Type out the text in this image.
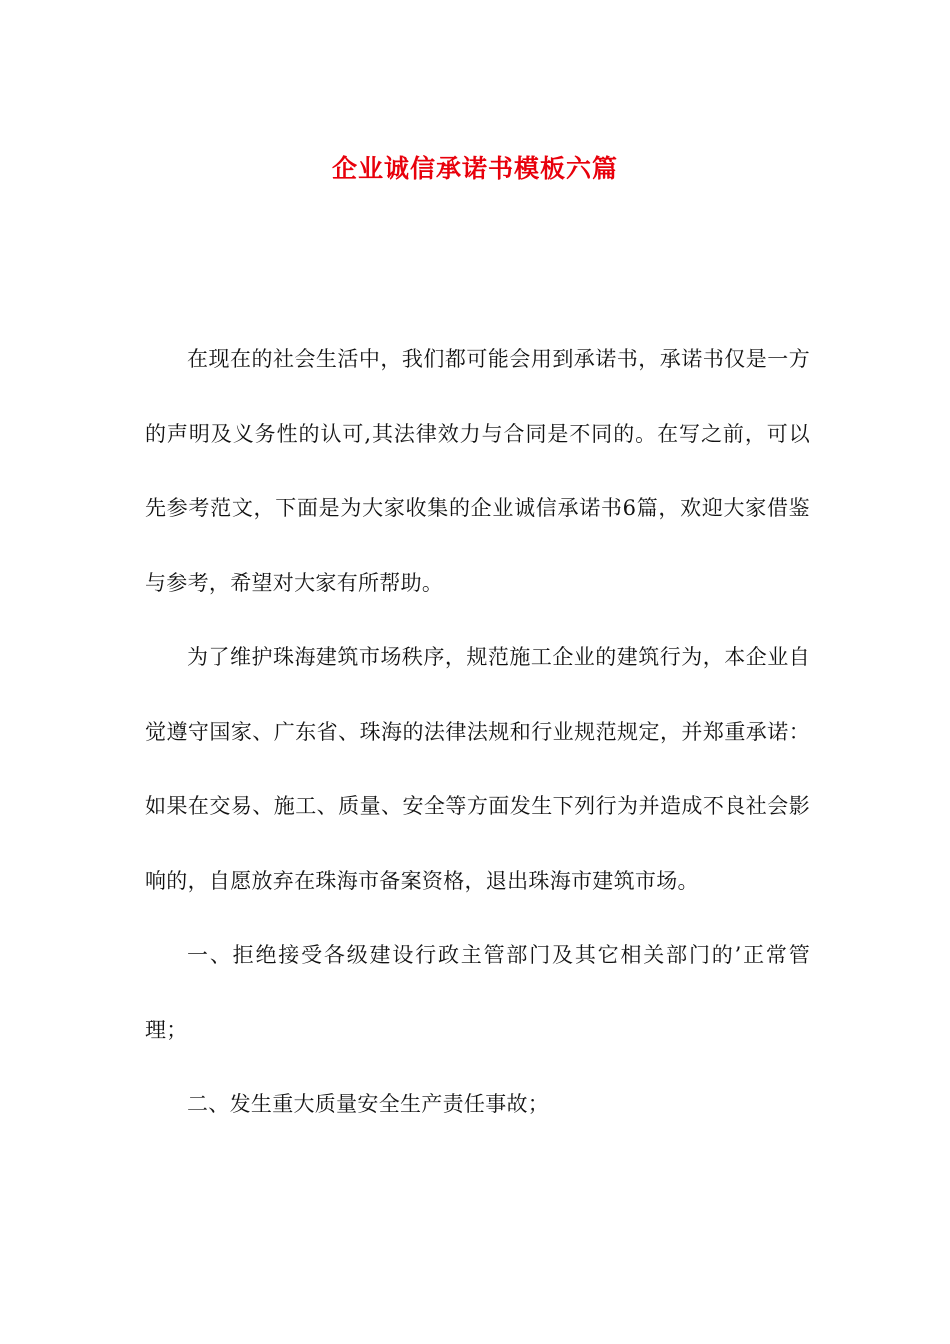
企业诚信承诺书模板六篇

在现在的社会生活中，我们都可能会用到承诺书，承诺书仅是一方的声明及义务性的认可,其法律效力与合同是不同的。在写之前，可以先参考范文，下面是为大家收集的企业诚信承诺书6篇，欢迎大家借鉴与参考，希望对大家有所帮助。

为了维护珠海建筑市场秩序，规范施工企业的建筑行为，本企业自觉遵守国家、广东省、珠海的法律法规和行业规范规定，并郑重承诺：如果在交易、施工、质量、安全等方面发生下列行为并造成不良社会影响的，自愿放弃在珠海市备案资格，退出珠海市建筑市场。

一、拒绝接受各级建设行政主管部门及其它相关部门的’正常管理；

二、发生重大质量安全生产责任事故；
